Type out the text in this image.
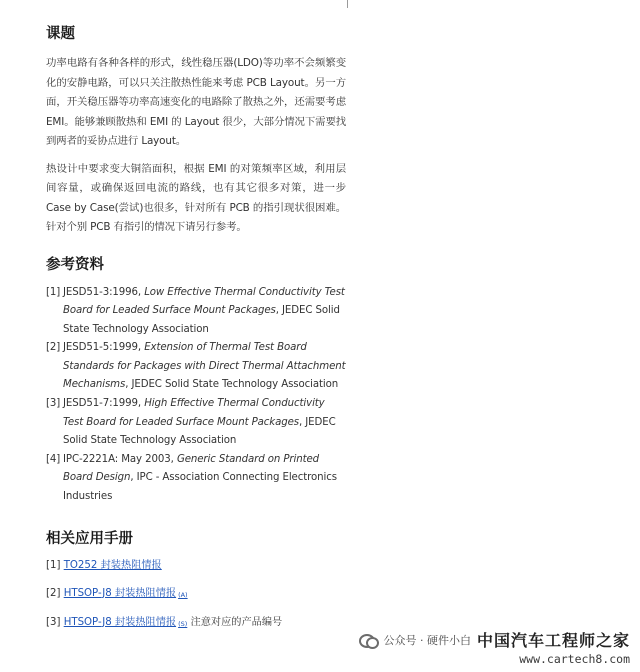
课题

功率电路有各种各样的形式，线性稳压器(LDO)等功率不会频繁变化的安静电路，可以只关注散热性能来考虑 PCB Layout。另一方面，开关稳压器等功率高速变化的电路除了散热之外，还需要考虑 EMI。能够兼顾散热和 EMI 的 Layout 很少，大部分情况下需要找到两者的妥协点进行 Layout。

热设计中要求变大铜箔面积，根据 EMI 的对策频率区域，利用层间容量，或确保返回电流的路线，也有其它很多对策，进一步 Case by Case(尝试)也很多，针对所有 PCB 的指引现状很困难。针对个别 PCB 有指引的情况下请另行参考。

参考资料
[1] JESD51-3:1996, Low Effective Thermal Conductivity Test Board for Leaded Surface Mount Packages, JEDEC Solid State Technology Association
[2] JESD51-5:1999, Extension of Thermal Test Board Standards for Packages with Direct Thermal Attachment Mechanisms, JEDEC Solid State Technology Association
[3] JESD51-7:1999, High Effective Thermal Conductivity Test Board for Leaded Surface Mount Packages, JEDEC Solid State Technology Association
[4] IPC-2221A: May 2003, Generic Standard on Printed Board Design, IPC - Association Connecting Electronics Industries
相关应用手册
[1] TO252 封装热阻情报
[2] HTSOP-J8 封装热阻情报 (A)
[3] HTSOP-J8 封装热阻情报 (S) 注意对应的产品编号
公众号 · 硬件小白 中国汽车工程师之家
www.cartech8.com
